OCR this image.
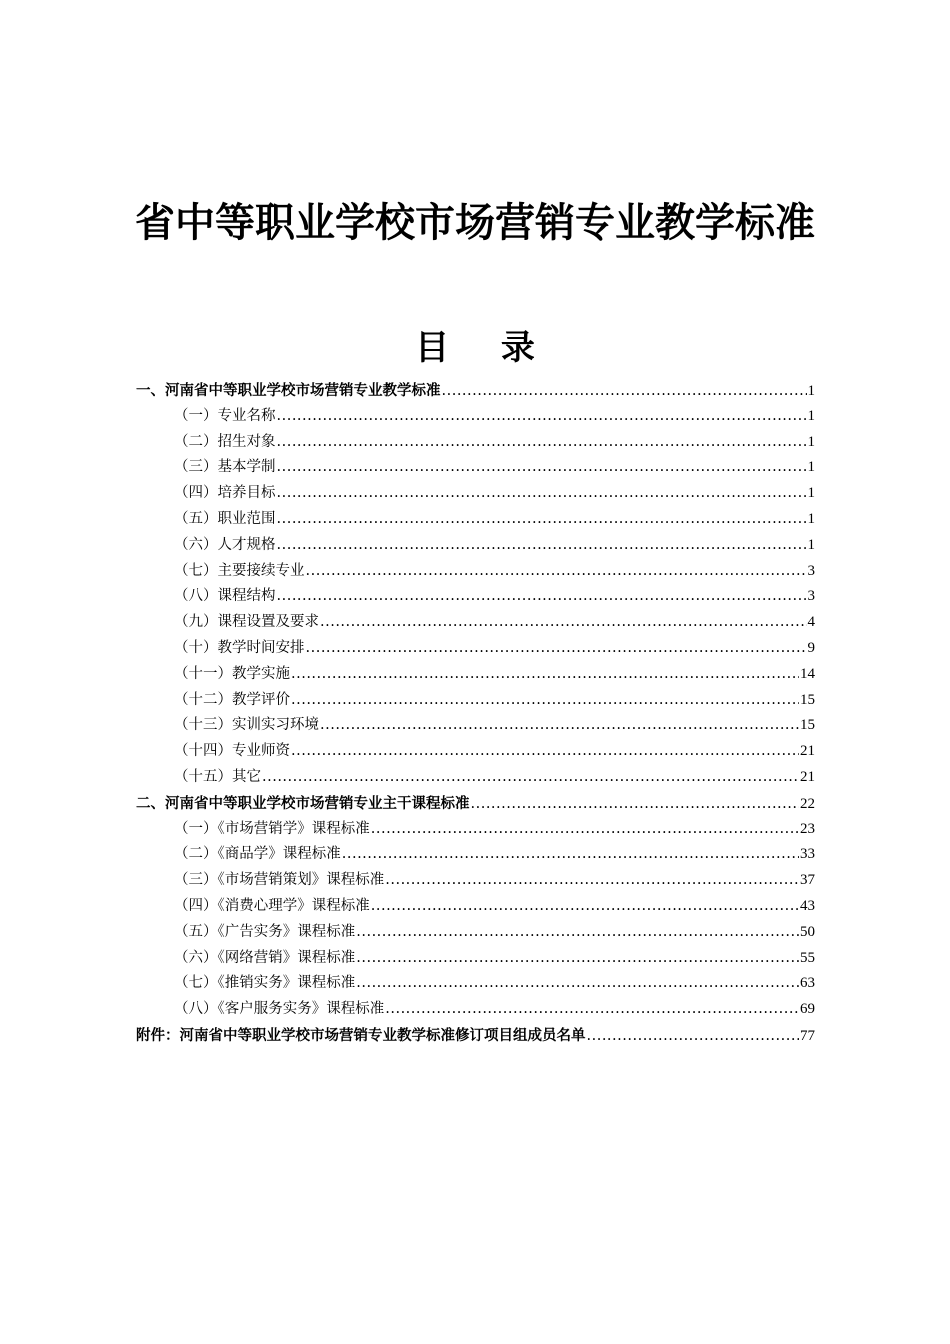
省中等职业学校市场营销专业教学标准
目 录
一、河南省中等职业学校市场营销专业教学标准 .....	1
（一）专业名称 .....	1
（二）招生对象 .....	1
（三）基本学制 .....	1
（四）培养目标 .....	1
（五）职业范围 .....	1
（六）人才规格 .....	1
（七）主要接续专业 .....	3
（八）课程结构 .....	3
（九）课程设置及要求 .....	4
（十）教学时间安排 .....	9
（十一）教学实施 .....	14
（十二）教学评价 .....	15
（十三）实训实习环境 .....	15
（十四）专业师资 .....	21
（十五）其它 .....	21
二、河南省中等职业学校市场营销专业主干课程标准 .....	22
（一）《市场营销学》课程标准 .....	23
（二）《商品学》课程标准 .....	33
（三）《市场营销策划》课程标准 .....	37
（四）《消费心理学》课程标准 .....	43
（五）《广告实务》课程标准 .....	50
（六）《网络营销》课程标准 .....	55
（七）《推销实务》课程标准 .....	63
（八）《客户服务实务》课程标准 .....	69
附件：河南省中等职业学校市场营销专业教学标准修订项目组成员名单 .....	77
